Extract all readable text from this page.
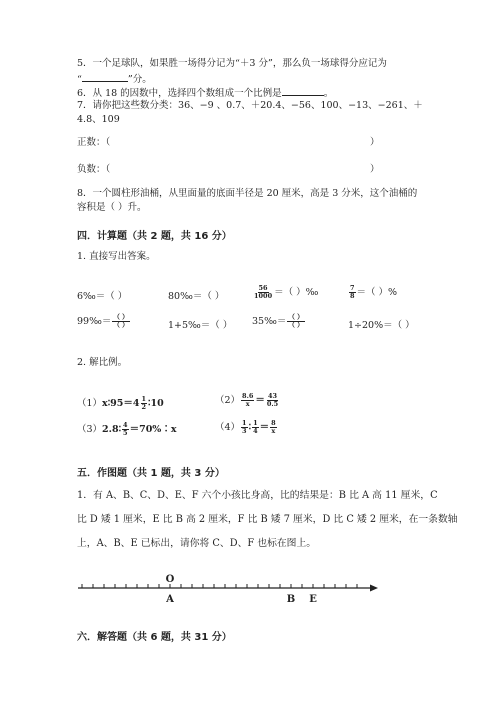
5．一个足球队，如果胜一场得分记为“＋3 分”，那么负一场球得分应记为
“	”分。
6．从 18 的因数中，选择四个数组成一个比例是	。
7．请你把这些数分类：36、−9 、0.7、＋20.4、−56、100、−13、−261、＋
4.8、109
正数：（	）
负数：（	）
8．一个圆柱形油桶，从里面量的底面半径是 20 厘米，高是 3 分米，这个油桶的
容积是（ ）升。
四．计算题（共 2 题，共 16 分）
1. 直接写出答案。
6‰＝（ ）	80‰＝（ ）	$\frac{56}{1000}$ ＝（ ）‰	$\frac{7}{8}$ ＝（ ）%
99‰＝ $\frac{( )}{( )}$	1+5‰＝（ ） 35‰＝ $\frac{( )}{( )}$	1÷20%＝（ ）
2. 解比例。
（1）x∶95＝4 $\frac{1}{2}$ ∶10	$(2) \frac{8.6}{x} = \frac{43}{0.5}$
（3）2.8∶ $\frac{4}{5}$ ＝70%∶x	$(4) \frac{1}{3}$ ∶ $\frac{1}{4} = \frac{8}{x}$
五．作图题（共 1 题，共 3 分）
1．有 A、B、C、D、E、F 六个小孩比身高，比的结果是：B 比 A 高 11 厘米，C
比 D 矮 1 厘米，E 比 B 高 2 厘米，F 比 B 矮 7 厘米，D 比 C 矮 2 厘米，在一条数轴
上，A、B、E 已标出，请你将 C、D、F 也标在图上。
O
A	B E
六．解答题（共 6 题，共 31 分）
